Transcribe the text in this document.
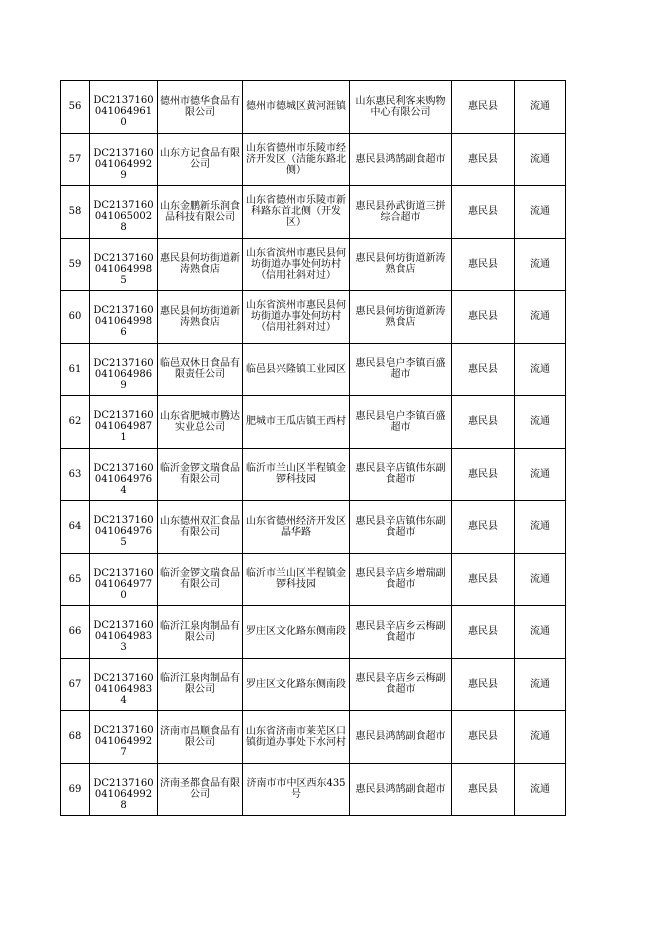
56	DC21371600410649610	德州市德华食品有限公司	德州市德城区黄河涯镇	山东惠民利客来购物中心有限公司	惠民县	流通
57	DC21371600410649929	山东方记食品有限公司	山东省德州市乐陵市经济开发区（洁能东路北侧）	惠民县鸿鹄副食超市	惠民县	流通
58	DC21371600410650028	山东金鹏新乐润食品科技有限公司	山东省德州市乐陵市新科路东首北侧（开发区）	惠民县孙武街道三拼综合超市	惠民县	流通
59	DC21371600410649985	惠民县何坊街道新涛熟食店	山东省滨州市惠民县何坊街道办事处何坊村（信用社斜对过）	惠民县何坊街道新涛熟食店	惠民县	流通
60	DC21371600410649986	惠民县何坊街道新涛熟食店	山东省滨州市惠民县何坊街道办事处何坊村（信用社斜对过）	惠民县何坊街道新涛熟食店	惠民县	流通
61	DC21371600410649869	临邑双休日食品有限责任公司	临邑县兴隆镇工业园区	惠民县皂户李镇百盛超市	惠民县	流通
62	DC21371600410649871	山东省肥城市腾达实业总公司	肥城市王瓜店镇王西村	惠民县皂户李镇百盛超市	惠民县	流通
63	DC21371600410649764	临沂金锣文瑞食品有限公司	临沂市兰山区半程镇金锣科技园	惠民县辛店镇伟东副食超市	惠民县	流通
64	DC21371600410649765	山东德州双汇食品有限公司	山东省德州经济开发区晶华路	惠民县辛店镇伟东副食超市	惠民县	流通
65	DC21371600410649770	临沂金锣文瑞食品有限公司	临沂市兰山区半程镇金锣科技园	惠民县辛店乡增瑞副食超市	惠民县	流通
66	DC21371600410649833	临沂江泉肉制品有限公司	罗庄区文化路东侧南段	惠民县辛店乡云梅副食超市	惠民县	流通
67	DC21371600410649834	临沂江泉肉制品有限公司	罗庄区文化路东侧南段	惠民县辛店乡云梅副食超市	惠民县	流通
68	DC21371600410649927	济南市昌顺食品有限公司	山东省济南市莱芜区口镇街道办事处下水河村	惠民县鸿鹄副食超市	惠民县	流通
69	DC21371600410649928	济南圣都食品有限公司	济南市市中区西东435号	惠民县鸿鹄副食超市	惠民县	流通
